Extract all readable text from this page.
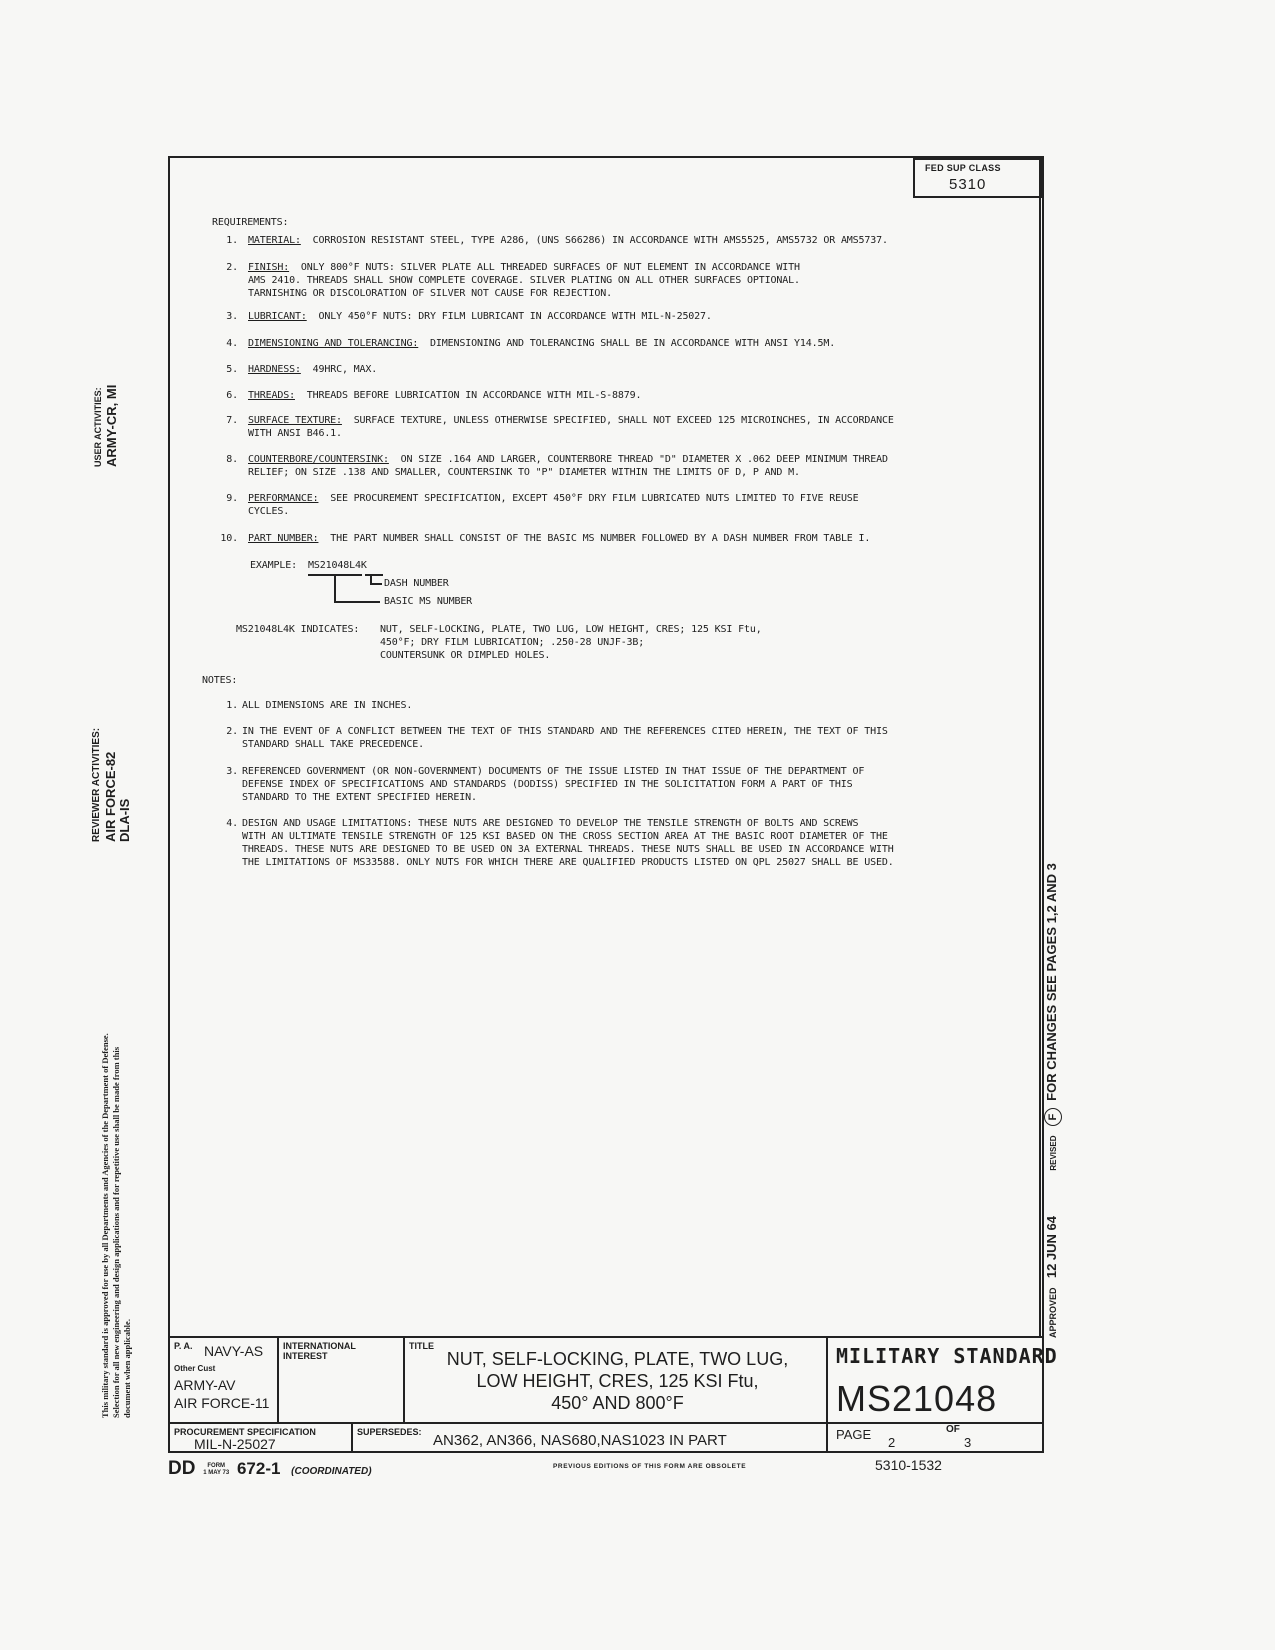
USER ACTIVITIES: ARMY-CR, MI
REVIEWER ACTIVITIES: AIR FORCE-82 DLA-IS
This military standard is approved for use by all Departments and Agencies of the Department of Defense. Selection for all new engineering and design applications and for repetitive use shall be made from this document when applicable.
FED SUP CLASS
5310
APPROVED 12 JUN 64 REVISED F FOR CHANGES SEE PAGES 1,2 AND 3
REQUIREMENTS:
1. MATERIAL: CORROSION RESISTANT STEEL, TYPE A286, (UNS S66286) IN ACCORDANCE WITH AMS5525, AMS5732 OR AMS5737.
2. FINISH: ONLY 800°F NUTS: SILVER PLATE ALL THREADED SURFACES OF NUT ELEMENT IN ACCORDANCE WITH
AMS 2410. THREADS SHALL SHOW COMPLETE COVERAGE. SILVER PLATING ON ALL OTHER SURFACES OPTIONAL.
TARNISHING OR DISCOLORATION OF SILVER NOT CAUSE FOR REJECTION.
3. LUBRICANT: ONLY 450°F NUTS: DRY FILM LUBRICANT IN ACCORDANCE WITH MIL-N-25027.
4. DIMENSIONING AND TOLERANCING: DIMENSIONING AND TOLERANCING SHALL BE IN ACCORDANCE WITH ANSI Y14.5M.
5. HARDNESS: 49HRC, MAX.
6. THREADS: THREADS BEFORE LUBRICATION IN ACCORDANCE WITH MIL-S-8879.
7. SURFACE TEXTURE: SURFACE TEXTURE, UNLESS OTHERWISE SPECIFIED, SHALL NOT EXCEED 125 MICROINCHES, IN ACCORDANCE
WITH ANSI B46.1.
8. COUNTERBORE/COUNTERSINK: ON SIZE .164 AND LARGER, COUNTERBORE THREAD "D" DIAMETER X .062 DEEP MINIMUM THREAD
RELIEF; ON SIZE .138 AND SMALLER, COUNTERSINK TO "P" DIAMETER WITHIN THE LIMITS OF D, P AND M.
9. PERFORMANCE: SEE PROCUREMENT SPECIFICATION, EXCEPT 450°F DRY FILM LUBRICATED NUTS LIMITED TO FIVE REUSE
CYCLES.
10. PART NUMBER: THE PART NUMBER SHALL CONSIST OF THE BASIC MS NUMBER FOLLOWED BY A DASH NUMBER FROM TABLE I.
EXAMPLE: MS21048L4K
DASH NUMBER
BASIC MS NUMBER
MS21048L4K INDICATES: NUT, SELF-LOCKING, PLATE, TWO LUG, LOW HEIGHT, CRES; 125 KSI Ftu,
450°F; DRY FILM LUBRICATION; .250-28 UNJF-3B;
COUNTERSUNK OR DIMPLED HOLES.
NOTES:
1. ALL DIMENSIONS ARE IN INCHES.
2. IN THE EVENT OF A CONFLICT BETWEEN THE TEXT OF THIS STANDARD AND THE REFERENCES CITED HEREIN, THE TEXT OF THIS
STANDARD SHALL TAKE PRECEDENCE.
3. REFERENCED GOVERNMENT (OR NON-GOVERNMENT) DOCUMENTS OF THE ISSUE LISTED IN THAT ISSUE OF THE DEPARTMENT OF
DEFENSE INDEX OF SPECIFICATIONS AND STANDARDS (DODISS) SPECIFIED IN THE SOLICITATION FORM A PART OF THIS
STANDARD TO THE EXTENT SPECIFIED HEREIN.
4. DESIGN AND USAGE LIMITATIONS: THESE NUTS ARE DESIGNED TO DEVELOP THE TENSILE STRENGTH OF BOLTS AND SCREWS
WITH AN ULTIMATE TENSILE STRENGTH OF 125 KSI BASED ON THE CROSS SECTION AREA AT THE BASIC ROOT DIAMETER OF THE
THREADS. THESE NUTS ARE DESIGNED TO BE USED ON 3A EXTERNAL THREADS. THESE NUTS SHALL BE USED IN ACCORDANCE WITH
THE LIMITATIONS OF MS33588. ONLY NUTS FOR WHICH THERE ARE QUALIFIED PRODUCTS LISTED ON QPL 25027 SHALL BE USED.
P. A. NAVY-AS
Other Cust
ARMY-AV
AIR FORCE-11
INTERNATIONAL INTEREST
TITLE
NUT, SELF-LOCKING, PLATE, TWO LUG,
LOW HEIGHT, CRES, 125 KSI Ftu,
450° AND 800°F
MILITARY STANDARD
MS21048
PROCUREMENT SPECIFICATION
MIL-N-25027
SUPERSEDES: AN362, AN366, NAS680,NAS1023 IN PART	PAGE
2
OF
3
DD	FORM
1 MAY 73 672-1 (COORDINATED)	PREVIOUS EDITIONS OF THIS FORM ARE OBSOLETE	5310-1532
